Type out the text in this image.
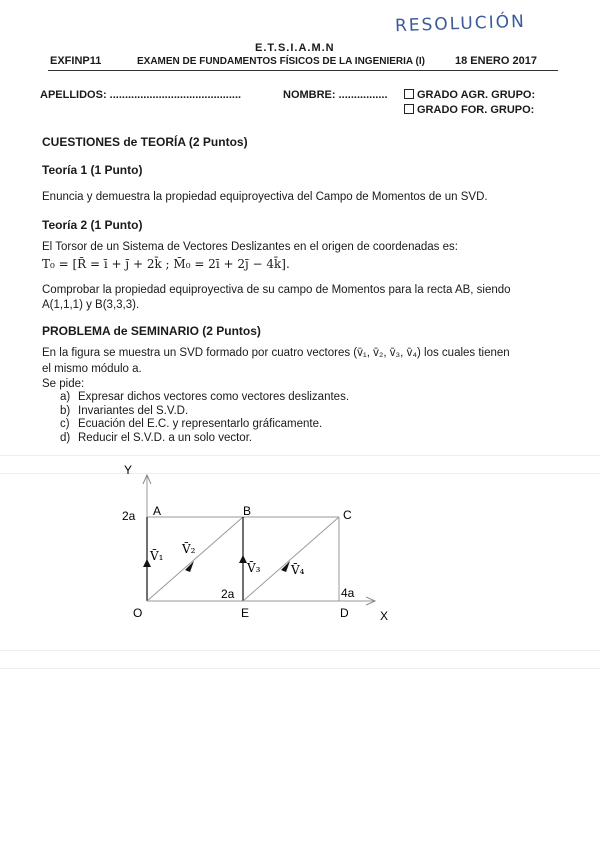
RESOLUCIÓN
E.T.S.I.A.M.N
EXFINP11	EXAMEN DE FUNDAMENTOS FÍSICOS DE LA INGENIERIA (I)	18 ENERO 2017
APELLIDOS: ...........................................	NOMBRE: ................	GRADO AGR. GRUPO:
GRADO FOR. GRUPO:
CUESTIONES de TEORÍA (2 Puntos)
Teoría 1 (1 Punto)
Enuncia y demuestra la propiedad equiproyectiva del Campo de Momentos de un SVD.
Teoría 2 (1 Punto)
El Torsor de un Sistema de Vectores Deslizantes en el origen de coordenadas es:
T₀ = [R̄ = ī + j̄ + 2k̄ ; M̄₀ = 2ī + 2j̄ − 4k̄].
Comprobar la propiedad equiproyectiva de su campo de Momentos para la recta AB, siendo
A(1,1,1) y B(3,3,3).
PROBLEMA de SEMINARIO (2 Puntos)
En la figura se muestra un SVD formado por cuatro vectores (v̄₁, v̄₂, v̄₃, v̄₄) los cuales tienen
el mismo módulo a.
Se pide:
a) Expresar dichos vectores como vectores deslizantes.
b) Invariantes del S.V.D.
c) Ecuación del E.C. y representarlo gráficamente.
d) Reducir el S.V.D. a un solo vector.
Y
X
2a A	B	C
O	E	D
2a	4a
V̄₁ V̄₂
V̄₃	V̄₄
